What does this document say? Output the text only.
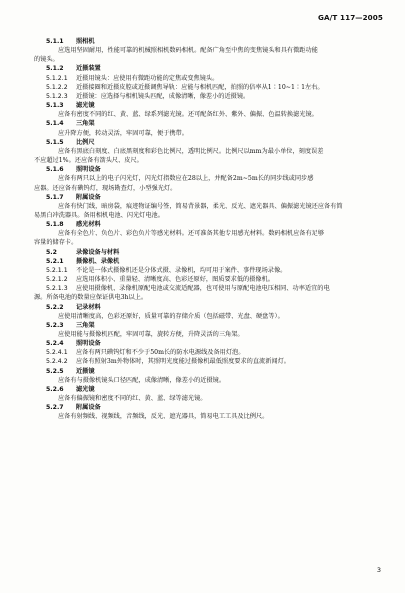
GA/T 117—2005
5.1.1 照相机
应选用坚固耐用，性能可靠的机械照相机数码相机。配备广角至中焦的变焦镜头和具有微距功能
的镜头。
5.1.2 近摄装置
5.1.2.1 近摄用镜头：应使用有微距功能的定焦或变焦镜头。
5.1.2.2 近摄接圈和近摄皮腔或近摄调焦导轨：应能与相机匹配，拍照的倍率从1∶10~1∶1左右。
5.1.2.3 近摄镜：应选择与相机镜头匹配，成像清晰，像差小的近摄镜。
5.1.3 滤光镜
应备有密度不同的红、黄、蓝、绿系列滤光镜。还可配备红外、紫外、偏振、色温转换滤光镜。
5.1.4 三角架
应升降方便，转动灵活，牢固可靠，便于携带。
5.1.5 比例尺
应备有黑底白刻度、白底黑刻度和彩色比例尺，透明比例尺。比例尺以mm为最小单位，刻度误差
不应超过1%。还应备有箭头尺、皮尺。
5.1.6 照明设备
应备有两只以上的电子闪光灯，闪光灯指数应在28以上，并配备2m~5m长的同步线或同步感
应器。还应备有碘钨灯，现场勘查灯，小型强光灯。
5.1.7 附属设备
应备有快门线，暗房袋，痕迹物证编号签，简易背景器，柔光、反光、遮光器具、偏振滤光镜还应备有简
易黑白冲洗器具。备用相机电池、闪光灯电池。
5.1.8 感光材料
应备有全色片、负色片、彩色负片等感光材料。还可准备其他专用感光材料。数码相机应备有足够
容量的储存卡。
5.2	录像设备与材料
5.2.1 摄像机、录像机
5.2.1.1 不论是一体式摄像机还是分体式摄、录像机，均可用于案件、事件现场录像。
5.2.1.2 应选用体积小、重量轻、清晰度高、色彩还原好，图质要求低的摄像机。
5.2.1.3 应使用摄像机、录像机原配电池或交流适配器，也可使用与原配电池电压相同、功率适宜的电
源。所备电池的数量应保证供电3h以上。
5.2.2 记录材料
应使用清晰度高，色彩还原好，质量可靠的存储介质（包括磁带、光盘、硬盘等）。
5.2.3 三角架
应使用能与摄像机匹配，牢固可靠，旋转方便，升降灵活的三角架。
5.2.4 照明设备
5.2.4.1 应备有两只碘钨灯和不少于50m长的防水电源线及备用灯泡。
5.2.4.2 应备有照射3m外物体时，其照明光度能过摄像机最低照度要求的直流新闻灯。
5.2.5 近摄镜
应备有与摄像机镜头口径匹配，成像清晰，像差小的近摄镜。
5.2.6 滤光镜
应备有偏振镜和密度不同的红、黄、蓝、绿等滤光镜。
5.2.7 附属设备
应备有射频线、视频线，音频线，反光、遮光器具，简易电工工具及比例尺。
3
